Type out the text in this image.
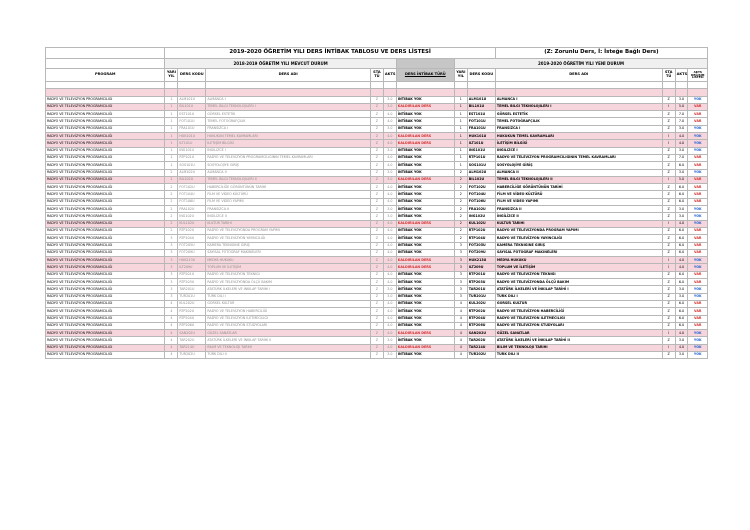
	2019-2020 ÖĞRETİM YILI DERS İNTİBAK TABLOSU VE DERS LİSTESİ								(Z: Zorunlu Ders, İ: İsteğe Bağlı Ders)			
	2018-2019 ÖĞRETİM YILI MEVCUT DURUM						2019-2020 ÖĞRETİM YILI YENİ DURUM					
PROGRAM	YARI YIL	DERS KODU	DERS ADI	STA TÜ	AKTS	DERS İNTİBAK TÜRÜ	YARI YIL	DERS KODU	DERS ADI	STA TÜ	AKTS	AKTS DEĞİŞİM LİSTESİ

RADYO VE TELEVİZYON PROGRAMCILIĞI	1	ALM101U	ALMANCA I	Z	3.0	İNTİBAK YOK	1	ALM101U	ALMANCA I	Z	3.0	YOK
RADYO VE TELEVİZYON PROGRAMCILIĞI	1	BIL101U	TEMEL BİLGİ TEKNOLOJİLERİ I	Z	3.0	KALDIRILAN DERS	1	BIL101U	TEMEL BİLGİ TEKNOLOJİLERİ I	İ	5.0	VAR
RADYO VE TELEVİZYON PROGRAMCILIĞI	1	EST101U	GÖRSEL ESTETİK	Z	4.0	İNTİBAK YOK	1	EST101U	GÖRSEL ESTETİK	Z	7.0	VAR
RADYO VE TELEVİZYON PROGRAMCILIĞI	1	FOT101U	TEMEL FOTOĞRAFÇILIK	Z	4.0	İNTİBAK YOK	1	FOT101U	TEMEL FOTOĞRAFÇILIK	Z	7.0	VAR
RADYO VE TELEVİZYON PROGRAMCILIĞI	1	FRA101U	FRANSIZCA I	Z	3.0	İNTİBAK YOK	1	FRA101U	FRANSIZCA I	Z	3.0	YOK
RADYO VE TELEVİZYON PROGRAMCILIĞI	1	HUK101U	HUKUKUN TEMEL KAVRAMLARI	Z	4.0	KALDIRILAN DERS	1	HUK101U	HUKUKUN TEMEL KAVRAMLARI	İ	4.0	YOK
RADYO VE TELEVİZYON PROGRAMCILIĞI	1	ILT101U	İLETİŞİM BİLGİSİ	Z	4.0	KALDIRILAN DERS	1	ILT101U	İLETİŞİM BİLGİSİ	İ	4.0	YOK
RADYO VE TELEVİZYON PROGRAMCILIĞI	1	ING101U	İNGİLİZCE I	Z	3.0	İNTİBAK YOK	1	ING101U	İNGİLİZCE I	Z	3.0	YOK
RADYO VE TELEVİZYON PROGRAMCILIĞI	1	RTP101U	RADYO VE TELEVİZYON PROGRAMCILIĞININ TEMEL KAVRAMLARI	Z	4.0	İNTİBAK YOK	1	RTP101U	RADYO VE TELEVİZYON PROGRAMCILIĞININ TEMEL KAVRAMLARI	Z	7.0	VAR
RADYO VE TELEVİZYON PROGRAMCILIĞI	1	SOS101U	SOSYOLOJİYE GİRİŞ	Z	4.0	İNTİBAK YOK	1	SOS101U	SOSYOLOJİYE GİRİŞ	Z	6.0	VAR
RADYO VE TELEVİZYON PROGRAMCILIĞI	2	ALM102U	ALMANCA II	Z	3.0	İNTİBAK YOK	2	ALM102U	ALMANCA II	Z	3.0	YOK
RADYO VE TELEVİZYON PROGRAMCILIĞI	2	BIL102U	TEMEL BİLGİ TEKNOLOJİLERİ II	Z	3.0	KALDIRILAN DERS	2	BIL102U	TEMEL BİLGİ TEKNOLOJİLERİ II	İ	5.0	VAR
RADYO VE TELEVİZYON PROGRAMCILIĞI	2	FOT102U	HABERCİLİĞE GÖRÜNTÜNÜN TARİHİ	Z	4.0	İNTİBAK YOK	2	FOT102U	HABERCİLİĞE GÖRÜNTÜNÜN TARİHİ	Z	6.0	VAR
RADYO VE TELEVİZYON PROGRAMCILIĞI	2	FOT104U	FİLM VE VİDEO KÜLTÜRÜ	Z	4.0	İNTİBAK YOK	2	FOT104U	FİLM VE VİDEO KÜLTÜRÜ	Z	6.0	VAR
RADYO VE TELEVİZYON PROGRAMCILIĞI	2	FOT106U	FİLM VE VİDEO YAPIMI	Z	4.0	İNTİBAK YOK	2	FOT106U	FİLM VE VİDEO YAPIMI	Z	6.0	VAR
RADYO VE TELEVİZYON PROGRAMCILIĞI	2	FRA102U	FRANSIZCA II	Z	3.0	İNTİBAK YOK	2	FRA102U	FRANSIZCA II	Z	3.0	YOK
RADYO VE TELEVİZYON PROGRAMCILIĞI	2	ING102U	İNGİLİZCE II	Z	3.0	İNTİBAK YOK	2	ING102U	İNGİLİZCE II	Z	3.0	YOK
RADYO VE TELEVİZYON PROGRAMCILIĞI	2	KUL102U	KÜLTÜR TARİHİ	Z	4.0	KALDIRILAN DERS	2	KUL102U	KÜLTÜR TARİHİ	İ	4.0	YOK
RADYO VE TELEVİZYON PROGRAMCILIĞI	2	RTP102U	RADYO VE TELEVİZYONDA PROGRAM YAPIMI	Z	4.0	İNTİBAK YOK	2	RTP102U	RADYO VE TELEVİZYONDA PROGRAM YAPIMI	Z	6.0	VAR
RADYO VE TELEVİZYON PROGRAMCILIĞI	3	RTP104U	RADYO VE TELEVİZYON YAYINCILIĞI	Z	4.0	İNTİBAK YOK	2	RTP104U	RADYO VE TELEVİZYON YAYINCILIĞI	Z	6.0	VAR
RADYO VE TELEVİZYON PROGRAMCILIĞI	3	FOT205U	KAMERA TEKNİĞİNE GİRİŞ	Z	4.0	İNTİBAK YOK	3	FOT205U	KAMERA TEKNİĞİNE GİRİŞ	Z	6.0	VAR
RADYO VE TELEVİZYON PROGRAMCILIĞI	3	FOT209U	SAYISAL FOTOĞRAF MAKİNELERİ	Z	4.0	İNTİBAK YOK	3	FOT209U	SAYISAL FOTOĞRAF MAKİNELERİ	Z	6.0	VAR
RADYO VE TELEVİZYON PROGRAMCILIĞI	3	HUK213U	MEDYA HUKUKU	Z	4.0	KALDIRILAN DERS	3	HUK213U	MEDYA HUKUKU	İ	4.0	YOK
RADYO VE TELEVİZYON PROGRAMCILIĞI	3	ILT209U	TOPLUM VE İLETİŞİM	Z	4.0	KALDIRILAN DERS	3	ILT209U	TOPLUM VE İLETİŞİM	İ	4.0	YOK
RADYO VE TELEVİZYON PROGRAMCILIĞI	3	RTP201U	RADYO VE TELEVİZYON TEKNİĞİ	Z	4.0	İNTİBAK YOK	3	RTP201U	RADYO VE TELEVİZYON TEKNİĞİ	Z	6.0	VAR
RADYO VE TELEVİZYON PROGRAMCILIĞI	3	RTP203U	RADYO VE TELEVİZYONDA ÖLÇÜ BAKIM	Z	4.0	İNTİBAK YOK	3	RTP203U	RADYO VE TELEVİZYONDA ÖLÇÜ BAKIM	Z	6.0	VAR
RADYO VE TELEVİZYON PROGRAMCILIĞI	3	TAR201U	ATATÜRK İLKELERİ VE İNKILAP TARİHİ I	Z	3.0	İNTİBAK YOK	3	TAR201U	ATATÜRK İLKELERİ VE İNKILAP TARİHİ I	Z	3.0	YOK
RADYO VE TELEVİZYON PROGRAMCILIĞI	3	TUR201U	TÜRK DİLİ I	Z	3.0	İNTİBAK YOK	3	TUR201U	TÜRK DİLİ I	Z	3.0	YOK
RADYO VE TELEVİZYON PROGRAMCILIĞI	4	KUL202U	GÖRSEL KÜLTÜR	Z	4.0	İNTİBAK YOK	4	KUL202U	GÖRSEL KÜLTÜR	Z	6.0	VAR
RADYO VE TELEVİZYON PROGRAMCILIĞI	4	RTP202U	RADYO VE TELEVİZYON HABERCİLİĞİ	Z	4.0	İNTİBAK YOK	4	RTP202U	RADYO VE TELEVİZYON HABERCİLİĞİ	Z	6.0	VAR
RADYO VE TELEVİZYON PROGRAMCILIĞI	4	RTP204U	RADYO VE TELEVİZYON İLETMECİLİĞİ	Z	4.0	İNTİBAK YOK	4	RTP204U	RADYO VE TELEVİZYON İLETMECİLİĞİ	Z	6.0	VAR
RADYO VE TELEVİZYON PROGRAMCILIĞI	4	RTP206U	RADYO VE TELEVİZYON STÜDYOLARI	Z	4.0	İNTİBAK YOK	4	RTP206U	RADYO VE TELEVİZYON STÜDYOLARI	Z	6.0	VAR
RADYO VE TELEVİZYON PROGRAMCILIĞI	4	SAN202U	GÜZEL SANATLAR	Z	4.0	KALDIRILAN DERS	4	SAN202U	GÜZEL SANATLAR	İ	4.0	YOK
RADYO VE TELEVİZYON PROGRAMCILIĞI	4	TAR202U	ATATÜRK İLKELERİ VE İNKILAP TARİHİ II	Z	3.0	İNTİBAK YOK	4	TAR202U	ATATÜRK İLKELERİ VE İNKILAP TARİHİ II	Z	3.0	YOK
RADYO VE TELEVİZYON PROGRAMCILIĞI	4	TAR214U	BİLİM VE TEKNOLOJİ TARİHİ	Z	4.0	KALDIRILAN DERS	4	TAR214U	BİLİM VE TEKNOLOJİ TARİHİ	İ	4.0	YOK
RADYO VE TELEVİZYON PROGRAMCILIĞI	4	TUR202U	TÜRK DİLİ II	Z	3.0	İNTİBAK YOK	4	TUR202U	TÜRK DİLİ II	Z	3.0	YOK
